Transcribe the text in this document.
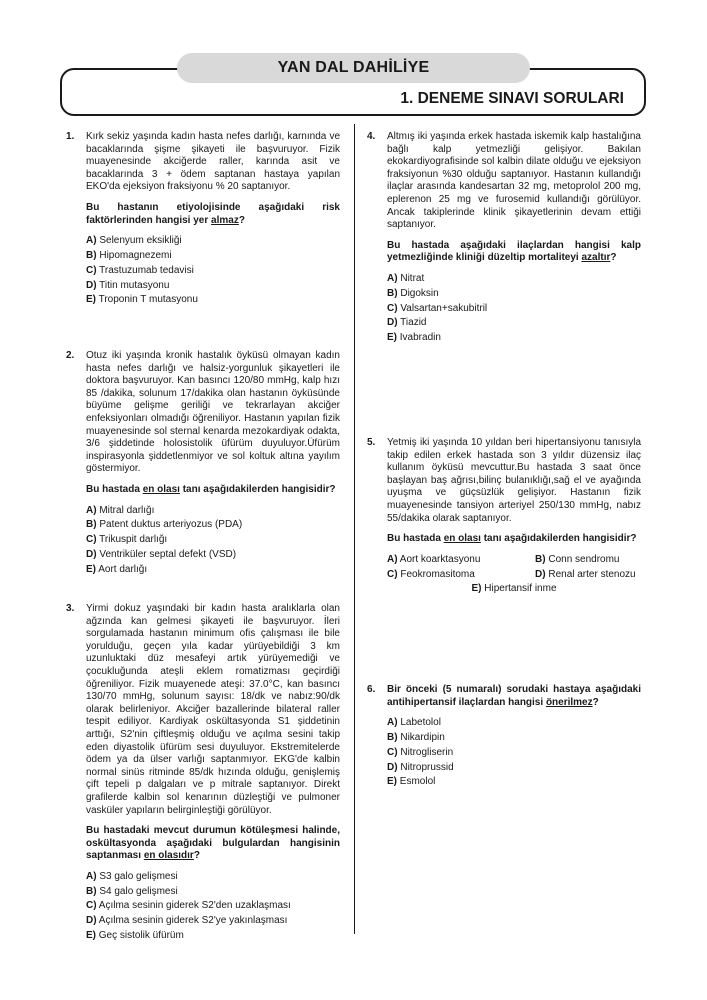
YAN DAL DAHİLİYE
1. DENEME SINAVI SORULARI
1. Kırk sekiz yaşında kadın hasta nefes darlığı, karnında ve bacaklarında şişme şikayeti ile başvuruyor. Fizik muayenesinde akciğerde raller, karında asit ve bacaklarında 3 + ödem saptanan hastaya yapılan EKO'da ejeksiyon fraksiyonu % 20 saptanıyor.
Bu hastanın etiyolojisinde aşağıdaki risk faktörlerinden hangisi yer almaz?
A) Selenyum eksikliği
B) Hipomagnezemi
C) Trastuzumab tedavisi
D) Titin mutasyonu
E) Troponin T mutasyonu
2. Otuz iki yaşında kronik hastalık öyküsü olmayan kadın hasta nefes darlığı ve halsiz-yorgunluk şikayetleri ile doktora başvuruyor. Kan basıncı 120/80 mmHg, kalp hızı 85 /dakika, solunum 17/dakika olan hastanın öyküsünde büyüme gelişme geriliği ve tekrarlayan akciğer enfeksiyonları olmadığı öğreniliyor. Hastanın yapılan fizik muayenesinde sol sternal kenarda mezokardiyak odakta, 3/6 şiddetinde holosistolik üfürüm duyuluyor.Üfürüm inspirasyonla şiddetlenmiyor ve sol koltuk altına yayılım göstermiyor.
Bu hastada en olası tanı aşağıdakilerden hangisidir?
A) Mitral darlığı
B) Patent duktus arteriyozus (PDA)
C) Trikuspit darlığı
D) Ventriküler septal defekt (VSD)
E) Aort darlığı
3. Yirmi dokuz yaşındaki bir kadın hasta aralıklarla olan ağzında kan gelmesi şikayeti ile başvuruyor. İleri sorgulamada hastanın minimum ofis çalışması ile bile yorulduğu, geçen yıla kadar yürüyebildiği 3 km uzunluktaki düz mesafeyi artık yürüyemediği ve çocukluğunda ateşli eklem romatizması geçirdiği öğreniliyor. Fizik muayenede ateşi: 37.0°C, kan basıncı 130/70 mmHg, solunum sayısı: 18/dk ve nabız:90/dk olarak belirleniyor. Akciğer bazallerinde bilateral raller tespit ediliyor. Kardiyak oskültasyonda S1 şiddetinin arttığı, S2'nin çiftleşmiş olduğu ve açılma sesini takip eden diyastolik üfürüm sesi duyuluyor. Ekstremitelerde ödem ya da ülser varlığı saptanmıyor. EKG'de kalbin normal sinüs ritminde 85/dk hızında olduğu, genişlemiş çift tepeli p dalgaları ve p mitrale saptanıyor. Direkt grafilerde kalbin sol kenarının düzleştiği ve pulmoner vasküler yapıların belirginleştiği görülüyor.
Bu hastadaki mevcut durumun kötüleşmesi halinde, oskültasyonda aşağıdaki bulgulardan hangisinin saptanması en olasıdır?
A) S3 galo gelişmesi
B) S4 galo gelişmesi
C) Açılma sesinin giderek S2'den uzaklaşması
D) Açılma sesinin giderek S2'ye yakınlaşması
E) Geç sistolik üfürüm
4. Altmış iki yaşında erkek hastada iskemik kalp hastalığına bağlı kalp yetmezliği gelişiyor. Bakılan ekokardiyografisinde sol kalbin dilate olduğu ve ejeksiyon fraksiyonun %30 olduğu saptanıyor. Hastanın kullandığı ilaçlar arasında kandesartan 32 mg, metoprolol 200 mg, eplerenon 25 mg ve furosemid kullandığı görülüyor. Ancak takiplerinde klinik şikayetlerinin devam ettiği saptanıyor.
Bu hastada aşağıdaki ilaçlardan hangisi kalp yetmezliğinde kliniği düzeltip mortaliteyi azaltır?
A) Nitrat
B) Digoksin
C) Valsartan+sakubitril
D) Tiazid
E) Ivabradin
5. Yetmiş iki yaşında 10 yıldan beri hipertansiyonu tanısıyla takip edilen erkek hastada son 3 yıldır düzensiz ilaç kullanım öyküsü mevcuttur.Bu hastada 3 saat önce başlayan baş ağrısı,bilinç bulanıklığı,sağ el ve ayağında uyuşma ve güçsüzlük gelişiyor. Hastanın fizik muayenesinde tansiyon arteriyel 250/130 mmHg, nabız 55/dakika olarak saptanıyor.
Bu hastada en olası tanı aşağıdakilerden hangisidir?
A) Aort koarktasyonu	B) Conn sendromu
C) Feokromasitoma	D) Renal arter stenozu
E) Hipertansif inme
6. Bir önceki (5 numaralı) sorudaki hastaya aşağıdaki antihipertansif ilaçlardan hangisi önerilmez?
A) Labetolol
B) Nikardipin
C) Nitrogliserin
D) Nitroprussid
E) Esmolol
